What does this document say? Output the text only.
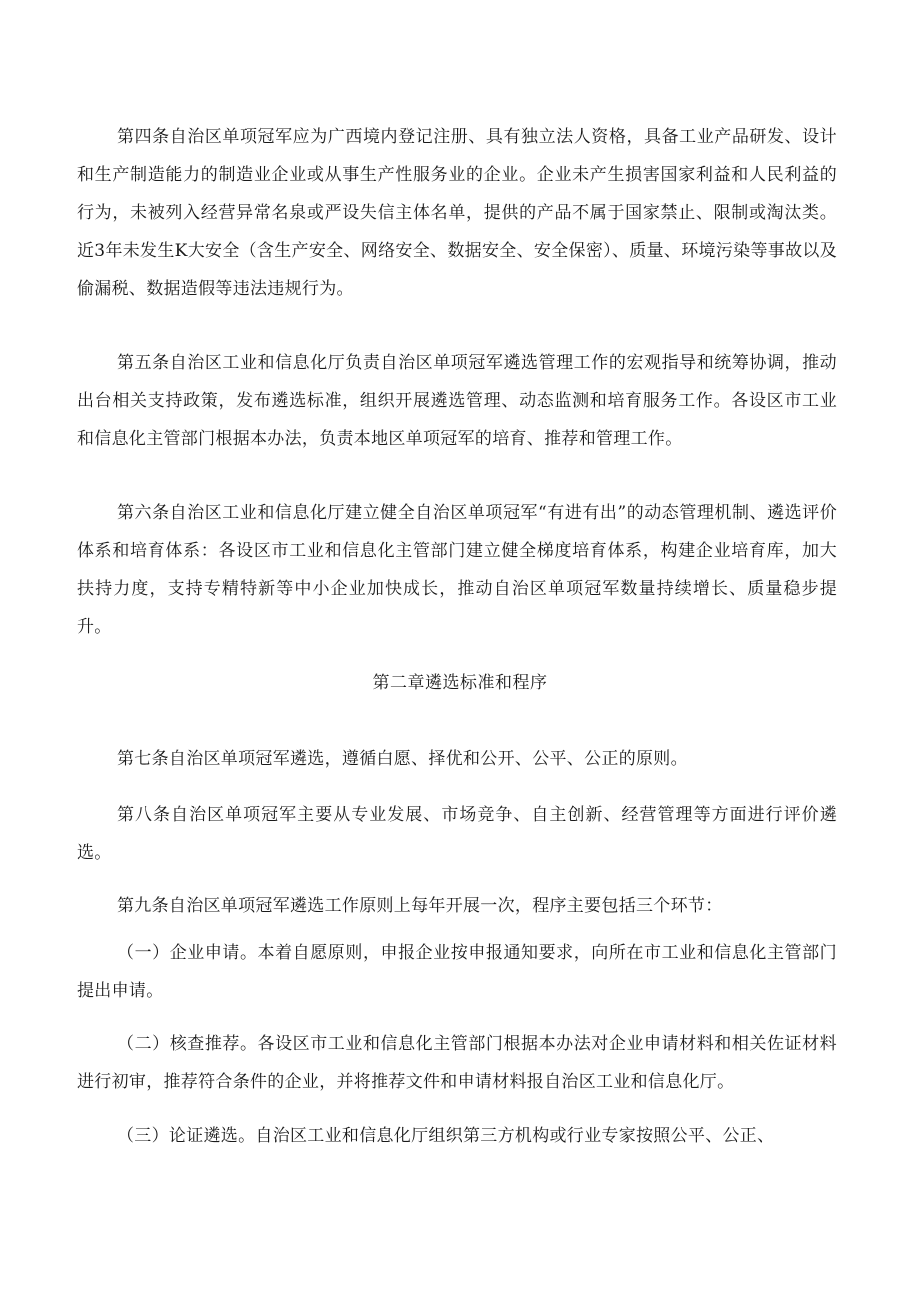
第四条自治区单项冠军应为广西境内登记注册、具有独立法人资格，具备工业产品研发、设计和生产制造能力的制造业企业或从事生产性服务业的企业。企业未产生损害国家利益和人民利益的行为，未被列入经营异常名泉或严设失信主体名单，提供的产品不属于国家禁止、限制或淘汰类。近3年未发生K大安全（含生产安全、网络安全、数据安全、安全保密）、质量、环境污染等事故以及偷漏税、数据造假等违法违规行为。

第五条自治区工业和信息化厅负责自治区单项冠军遴选管理工作的宏观指导和统筹协调，推动出台相关支持政策，发布遴选标准，组织开展遴选管理、动态监测和培育服务工作。各设区市工业和信息化主管部门根据本办法，负责本地区单项冠军的培育、推荐和管理工作。

第六条自治区工业和信息化厅建立健全自治区单项冠军“有进有出”的动态管理机制、遴选评价体系和培育体系：各设区市工业和信息化主管部门建立健全梯度培育体系，构建企业培育库，加大扶持力度，支持专精特新等中小企业加快成长，推动自治区单项冠军数量持续增长、质量稳步提升。

第二章遴选标准和程序

第七条自治区单项冠军遴选，遵循白愿、择优和公开、公平、公正的原则。

第八条自治区单项冠军主要从专业发展、市场竞争、自主创新、经营管理等方面进行评价遴选。

第九条自治区单项冠军遴选工作原则上每年开展一次，程序主要包括三个环节：

（一）企业申请。本着自愿原则，申报企业按申报通知要求，向所在市工业和信息化主管部门提出申请。

（二）核查推荐。各设区市工业和信息化主管部门根据本办法对企业申请材料和相关佐证材料进行初审，推荐符合条件的企业，并将推荐文件和申请材料报自治区工业和信息化厅。

（三）论证遴选。自治区工业和信息化厅组织第三方机构或行业专家按照公平、公正、
